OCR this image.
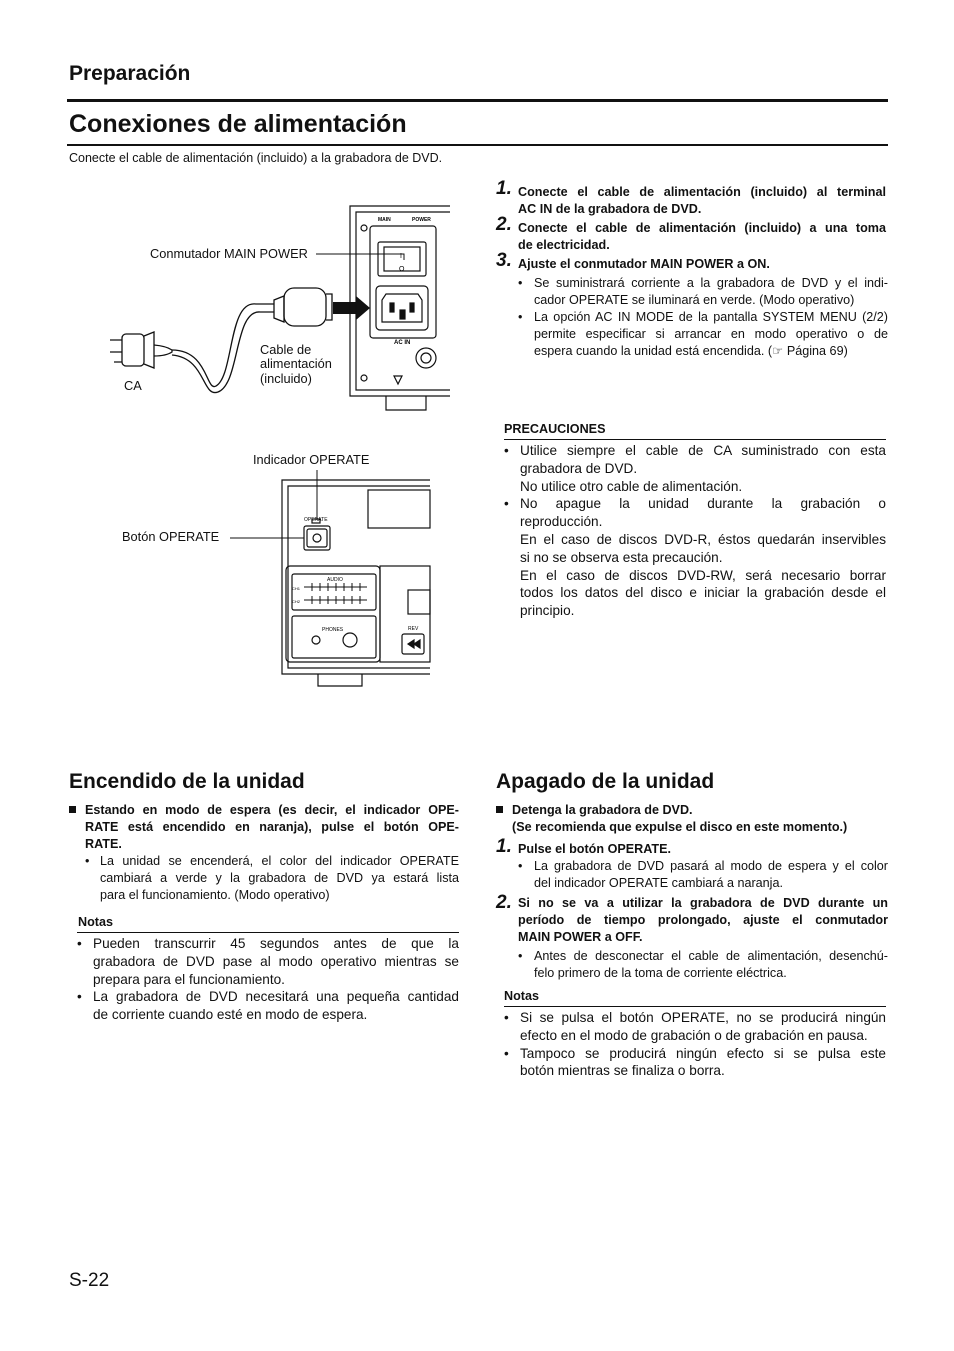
Preparación
Conexiones de alimentación
Conecte el cable de alimentación (incluido) a la grabadora de DVD.
MAIN	POWER
AC IN
I
O
Conmutador MAIN POWER
Cable de
alimentación
(incluido)
CA
OPERATE
AUDIO
CH1
CH2
PHONES	REV
Indicador OPERATE
Botón OPERATE
1. Conecte el cable de alimentación (incluido) al terminal
AC IN de la grabadora de DVD.
2. Conecte el cable de alimentación (incluido) a una toma
de electricidad.
3. Ajuste el conmutador MAIN POWER a ON.
• Se suministrará corriente a la grabadora de DVD y el indi-
cador OPERATE se iluminará en verde. (Modo operativo)
• La opción AC IN MODE de la pantalla SYSTEM MENU (2/2)
permite especificar si arrancar en modo operativo o de
espera cuando la unidad está encendida. (☞ Página 69)
PRECAUCIONES
• Utilice siempre el cable de CA suministrado con esta
grabadora de DVD.
No utilice otro cable de alimentación.
• No apague la unidad durante la grabación o
reproducción.
En el caso de discos DVD-R, éstos quedarán inservibles
si no se observa esta precaución.
En el caso de discos DVD-RW, será necesario borrar
todos los datos del disco e iniciar la grabación desde el
principio.
Encendido de la unidad
Estando en modo de espera (es decir, el indicador OPE-
RATE está encendido en naranja), pulse el botón OPE-
RATE.
• La unidad se encenderá, el color del indicador OPERATE
cambiará a verde y la grabadora de DVD ya estará lista
para el funcionamiento. (Modo operativo)
Notas
• Pueden transcurrir 45 segundos antes de que la
grabadora de DVD pase al modo operativo mientras se
prepara para el funcionamiento.
• La grabadora de DVD necesitará una pequeña cantidad
de corriente cuando esté en modo de espera.
Apagado de la unidad
Detenga la grabadora de DVD.
(Se recomienda que expulse el disco en este momento.)
1. Pulse el botón OPERATE.
• La grabadora de DVD pasará al modo de espera y el color
del indicador OPERATE cambiará a naranja.
2. Si no se va a utilizar la grabadora de DVD durante un
período de tiempo prolongado, ajuste el conmutador
MAIN POWER a OFF.
• Antes de desconectar el cable de alimentación, desenchú-
felo primero de la toma de corriente eléctrica.
Notas
• Si se pulsa el botón OPERATE, no se producirá ningún
efecto en el modo de grabación o de grabación en pausa.
• Tampoco se producirá ningún efecto si se pulsa este
botón mientras se finaliza o borra.
S-22
